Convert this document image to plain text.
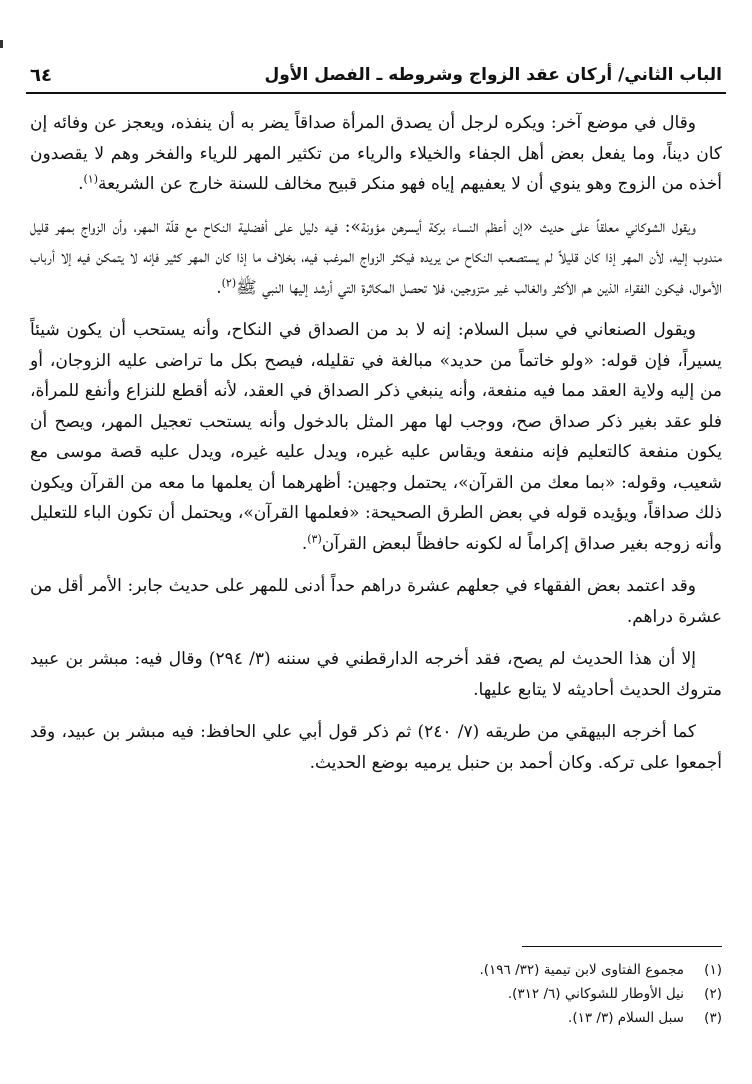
الباب الثاني/ أركان عقد الزواج وشروطه ـ الفصل الأول
٦٤

وقال في موضع آخر: ويكره لرجل أن يصدق المرأة صداقاً يضر به أن ينفذه، ويعجز عن وفائه إن كان ديناً، وما يفعل بعض أهل الجفاء والخيلاء والرياء من تكثير المهر للرياء والفخر وهم لا يقصدون أخذه من الزوج وهو ينوي أن لا يعفيهم إياه فهو منكر قبيح مخالف للسنة خارج عن الشريعة$^{(١)}$.

ويقول الشوكاني معلقاً على حديث «إن أعظم النساء بركة أيسرهن مؤونة»: فيه دليل على أفضلية النكاح مع قلّة المهر، وأن الزواج بمهر قليل مندوب إليه، لأن المهر إذا كان قليلاً لم يستصعب النكاح من يريده فيكثر الزواج المرغب فيه، بخلاف ما إذا كان المهر كثير فإنه لا يتمكن فيه إلا أرباب الأموال، فيكون الفقراء الذين هم الأكثر والغالب غير متزوجين، فلا تحصل المكاثرة التي أرشد إليها النبي ﷺ$^{(٢)}$.

ويقول الصنعاني في سبل السلام: إنه لا بد من الصداق في النكاح، وأنه يستحب أن يكون شيئاً يسيراً، فإن قوله: «ولو خاتماً من حديد» مبالغة في تقليله، فيصح بكل ما تراضى عليه الزوجان، أو من إليه ولاية العقد مما فيه منفعة، وأنه ينبغي ذكر الصداق في العقد، لأنه أقطع للنزاع وأنفع للمرأة، فلو عقد بغير ذكر صداق صح، ووجب لها مهر المثل بالدخول وأنه يستحب تعجيل المهر، ويصح أن يكون منفعة كالتعليم فإنه منفعة ويقاس عليه غيره، ويدل عليه غيره، ويدل عليه قصة موسى مع شعيب، وقوله: «بما معك من القرآن»، يحتمل وجهين: أظهرهما أن يعلمها ما معه من القرآن ويكون ذلك صداقاً، ويؤيده قوله في بعض الطرق الصحيحة: «فعلمها القرآن»، ويحتمل أن تكون الباء للتعليل وأنه زوجه بغير صداق إكراماً له لكونه حافظاً لبعض القرآن$^{(٣)}$.

وقد اعتمد بعض الفقهاء في جعلهم عشرة دراهم حداً أدنى للمهر على حديث جابر: الأمر أقل من عشرة دراهم.

إلا أن هذا الحديث لم يصح، فقد أخرجه الدارقطني في سننه (٣/ ٢٩٤) وقال فيه: مبشر بن عبيد متروك الحديث أحاديثه لا يتابع عليها.

كما أخرجه البيهقي من طريقه (٧/ ٢٤٠) ثم ذكر قول أبي علي الحافظ: فيه مبشر بن عبيد، وقد أجمعوا على تركه. وكان أحمد بن حنبل يرميه بوضع الحديث.

(١)
مجموع الفتاوى لابن تيمية (٣٢/ ١٩٦).
(٢)
نيل الأوطار للشوكاني (٦/ ٣١٢).
(٣)
سبل السلام (٣/ ١٣).
